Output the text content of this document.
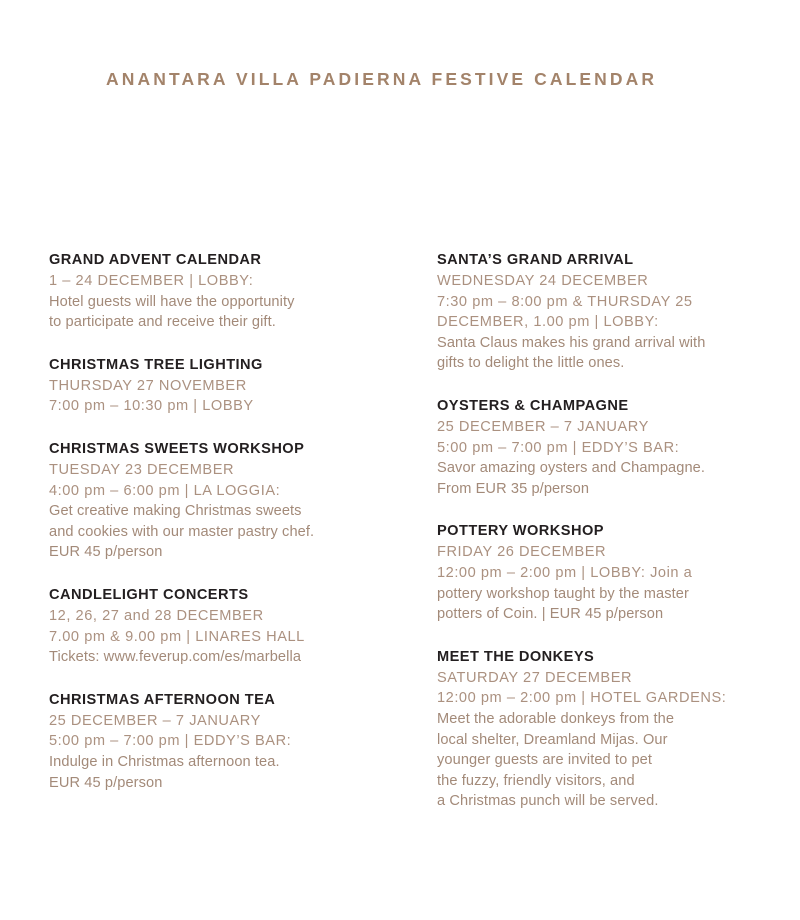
ANANTARA VILLA PADIERNA FESTIVE CALENDAR
GRAND ADVENT CALENDAR
1 – 24 DECEMBER | LOBBY:
Hotel guests will have the opportunity
to participate and receive their gift.
CHRISTMAS TREE LIGHTING
THURSDAY 27 NOVEMBER
7:00 pm – 10:30 pm | LOBBY
CHRISTMAS SWEETS WORKSHOP
TUESDAY 23 DECEMBER
4:00 pm – 6:00 pm | LA LOGGIA:
Get creative making Christmas sweets
and cookies with our master pastry chef.
EUR 45 p/person
CANDLELIGHT CONCERTS
12, 26, 27 and 28 DECEMBER
7.00 pm & 9.00 pm | LINARES HALL
Tickets: www.feverup.com/es/marbella
CHRISTMAS AFTERNOON TEA
25 DECEMBER – 7 JANUARY
5:00 pm – 7:00 pm | EDDY’S BAR:
Indulge in Christmas afternoon tea.
EUR 45 p/person
SANTA’S GRAND ARRIVAL
WEDNESDAY 24 DECEMBER
7:30 pm – 8:00 pm & THURSDAY 25
DECEMBER, 1.00 pm | LOBBY:
Santa Claus makes his grand arrival with
gifts to delight the little ones.
OYSTERS & CHAMPAGNE
25 DECEMBER – 7 JANUARY
5:00 pm – 7:00 pm | EDDY’S BAR:
Savor amazing oysters and Champagne.
From EUR 35 p/person
POTTERY WORKSHOP
FRIDAY 26 DECEMBER
12:00 pm – 2:00 pm | LOBBY: Join a
pottery workshop taught by the master
potters of Coin. | EUR 45 p/person
MEET THE DONKEYS
SATURDAY 27 DECEMBER
12:00 pm – 2:00 pm | HOTEL GARDENS:
Meet the adorable donkeys from the
local shelter, Dreamland Mijas. Our
younger guests are invited to pet
the fuzzy, friendly visitors, and
a Christmas punch will be served.
